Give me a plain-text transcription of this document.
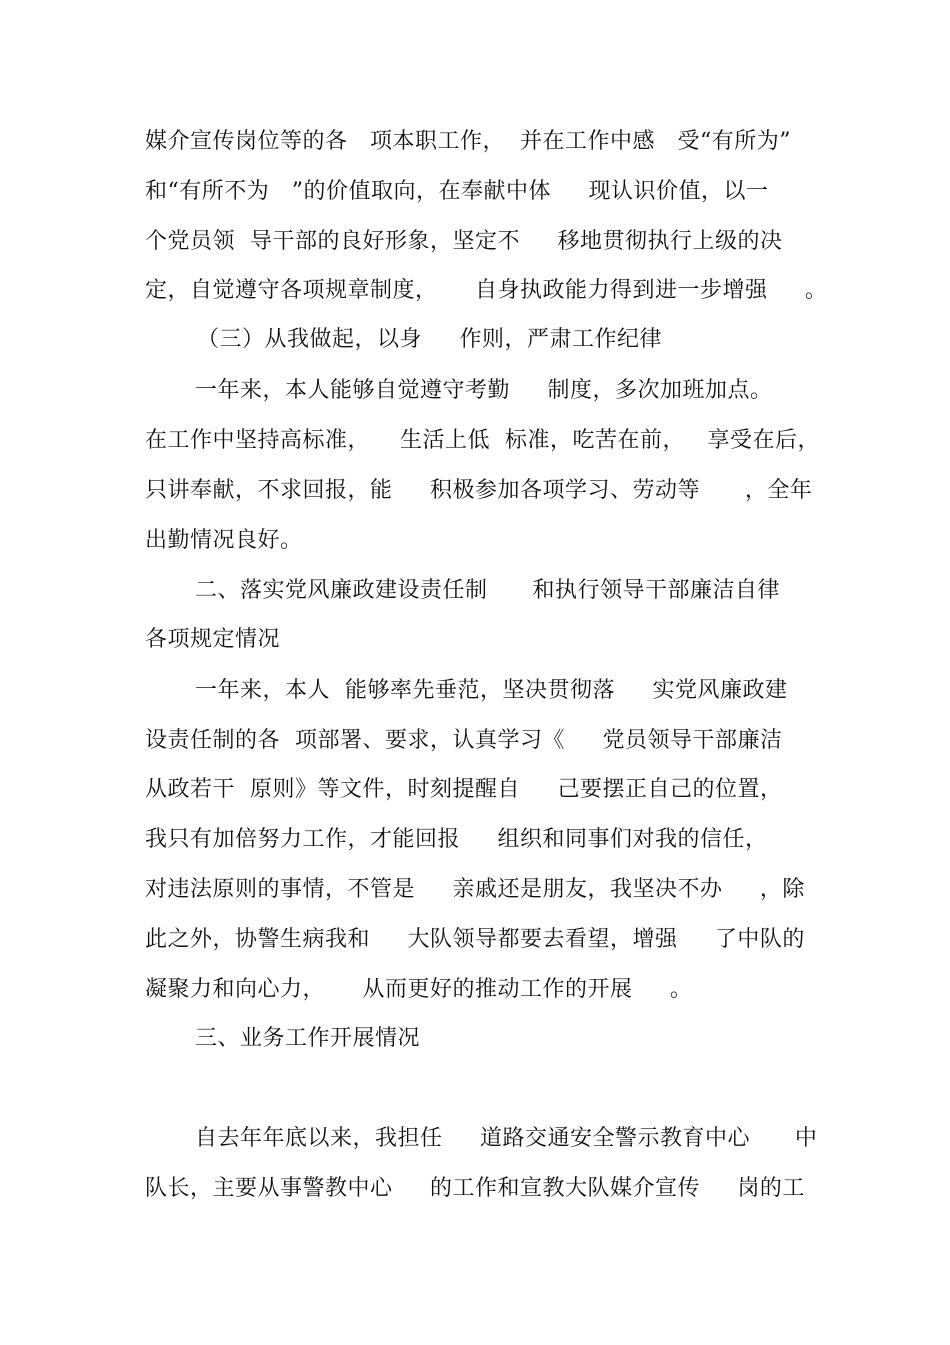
媒介宣传岗位等的各   项本职工作，  并在工作中感   受“有所为”
和“有所不为   ”的价值取向，在奉献中体     现认识价值，以一
个党员领  导干部的良好形象，坚定不     移地贯彻执行上级的决
定，自觉遵守各项规章制度，     自身执政能力得到进一步增强     。
（三）从我做起，以身     作则，严肃工作纪律
一年来，本人能够自觉遵守考勤     制度，多次加班加点。
在工作中坚持高标准，    生活上低  标准，吃苦在前，   享受在后，
只讲奉献，不求回报，能     积极参加各项学习、劳动等      ，全年
出勤情况良好。
二、落实党风廉政建设责任制      和执行领导干部廉洁自律
各项规定情况
一年来，本人  能够率先垂范，坚决贯彻落     实党风廉政建
设责任制的各  项部署、要求，认真学习《     党员领导干部廉洁
从政若干  原则》等文件，时刻提醒自     己要摆正自己的位置，
我只有加倍努力工作，才能回报     组织和同事们对我的信任，
对违法原则的事情，不管是     亲戚还是朋友，我坚决不办     ，除
此之外，协警生病我和     大队领导都要去看望，增强     了中队的
凝聚力和向心力，     从而更好的推动工作的开展     。
三、业务工作开展情况
自去年年底以来，我担任     道路交通安全警示教育中心      中
队长，主要从事警教中心     的工作和宣教大队媒介宣传     岗的工
